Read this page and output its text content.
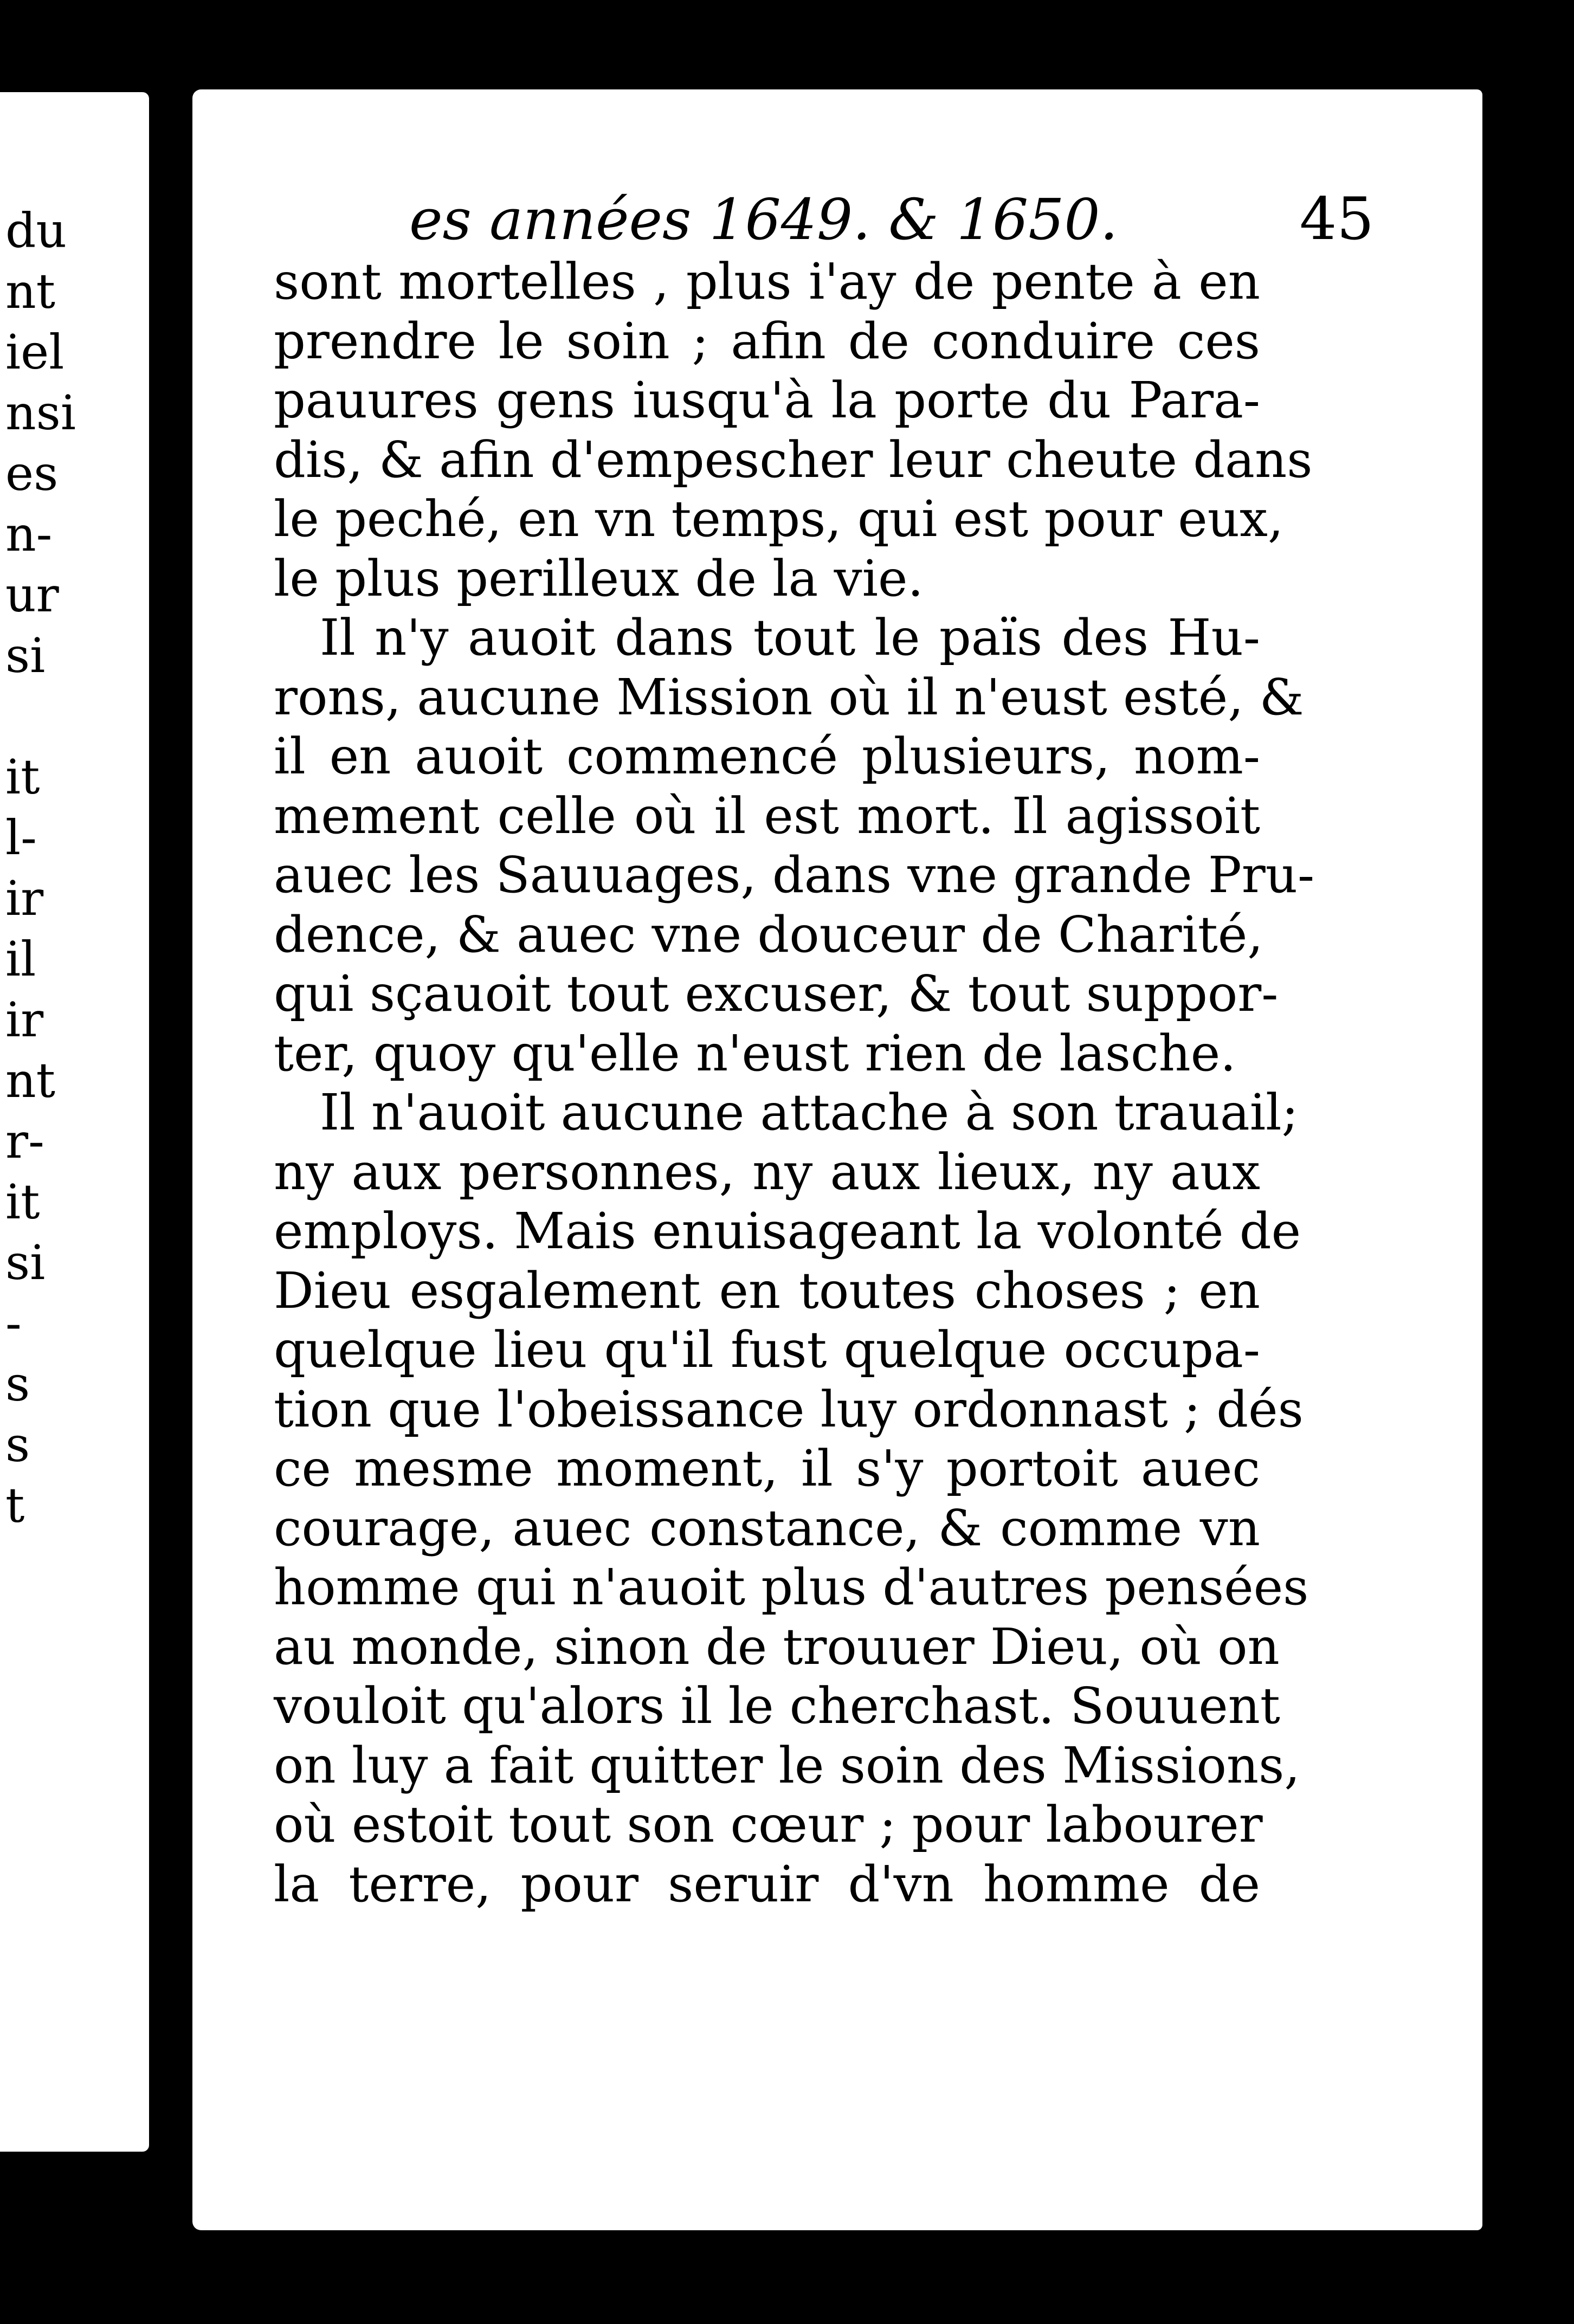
du
nt
iel
nsi
es
n-
ur
si
it
l-
ir
il
ir
nt
r-
it
si
-
s
s
t
es années 1649. & 1650.	45
sont mortelles , plus i'ay de pente à en
prendre le soin ; afin de conduire ces
pauures gens iusqu'à la porte du Para-
dis, & afin d'empescher leur cheute dans
le peché, en vn temps, qui est pour eux,
le plus perilleux de la vie.
Il n'y auoit dans tout le païs des Hu-
rons, aucune Mission où il n'eust esté, &
il en auoit commencé plusieurs, nom-
mement celle où il est mort. Il agissoit
auec les Sauuages, dans vne grande Pru-
dence, & auec vne douceur de Charité,
qui sçauoit tout excuser, & tout suppor-
ter, quoy qu'elle n'eust rien de lasche.
Il n'auoit aucune attache à son trauail;
ny aux personnes, ny aux lieux, ny aux
employs. Mais enuisageant la volonté de
Dieu esgalement en toutes choses ; en
quelque lieu qu'il fust quelque occupa-
tion que l'obeissance luy ordonnast ; dés
ce mesme moment, il s'y portoit auec
courage, auec constance, & comme vn
homme qui n'auoit plus d'autres pensées
au monde, sinon de trouuer Dieu, où on
vouloit qu'alors il le cherchast. Souuent
on luy a fait quitter le soin des Missions,
où estoit tout son cœur ; pour labourer
la terre, pour seruir d'vn homme de
